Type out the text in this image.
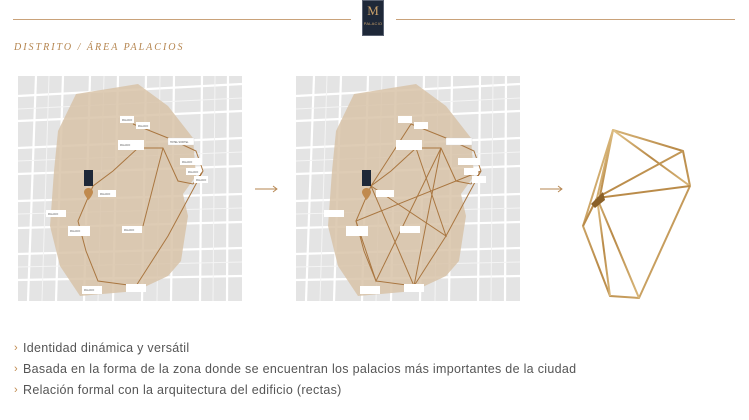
M
PALACIO
DISTRITO / ÁREA PALACIOS
PALACIO
HOTEL SOFITEL
PALACIO
PALACIO
PALACIO
PALACIO
PALACIO
PALACIO
PALACIO
PALACIO	PALACIO
PALACIO
› Identidad dinámica y versátil
› Basada en la forma de la zona donde se encuentran los palacios más importantes de la ciudad
› Relación formal con la arquitectura del edificio (rectas)
